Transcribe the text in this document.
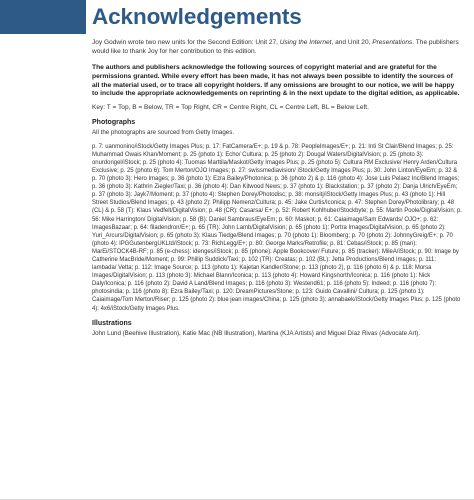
Acknowledgements

Joy Godwin wrote two new units for the Second Edition: Unit 27, Using the Internet, and Unit 20, Presentations. The publishers would like to thank Joy for her contribution to this edition.

The authors and publishers acknowledge the following sources of copyright material and are grateful for the permissions granted. While every effort has been made, it has not always been possible to identify the sources of all the material used, or to trace all copyright holders. If any omissions are brought to our notice, we will be happy to include the appropriate acknowledgements on reprinting & in the next update to the digital edition, as applicable.

Key: T = Top, B = Below, TR = Top Right, CR = Centre Right, CL = Centre Left, BL = Below Left.

Photographs

All the photographs are sourced from Getty Images.

p. 7: uanmonino/iStock/Getty Images Plus; p. 17: FatCamera/E+; p. 19 & p. 78: PeopleImages/E+; p. 21: Inti St Clair/Blend Images; p. 25: Muhammad Owais Khan/Moment; p. 25 (photo 1): Echo/ Cultura; p. 25 (photo 2): Dougal Waters/DigitalVision; p. 25 (photo 3): onurdongel/iStock; p. 25 (photo 4): Tuomas Marttila/Maskot/Getty Images Plus; p. 25 (photo 5): Cultura RM Exclusive/ Henry Arden/Cultura Exclusive; p. 25 (photo 6): Tom Merton/OJO Images; p. 27: swissmediavision/ iStock/Getty Images Plus; p. 30: John Linton/EyeEm; p. 32 & p. 70 (photo 3): Hero Images; p. 36 (photo 1): Ezra Bailey/Photonica; p. 36 (photo 2) & p. 116 (photo 4): Jose Luis Pelaez Inc/Blend Images; p. 36 (photo 3): Kathrin Ziegler/Taxi; p. 36 (photo 4): Dan Kitwood News; p. 37 (photo 1): Blackstation; p. 37 (photo 2): Danja Ulrich/EyeEm; p. 37 (photo 3): Jayk7/Moment; p. 37 (photo 4): Stephen Dorey/Photodisc; p. 38: monsitj/iStock/Getty Images Plus; p. 43 (photo 1): Hill Street Studios/Blend Images; p. 43 (photo 2): Philipp Nemenz/Cultura; p. 45: Jake Curtis/Iconica; p. 47: Stephen Dorey/Photolibrary; p. 48 (CL) & p. 58 (T): Klaus Vedfelt/DigitalVision; p. 48 (CR): Casarsa/ E+; p. 52: Robert Kohlhuber/Stockbyte; p. 55: Martin Poole/DigitalVision; p. 56: Mike Harrington/ DigitalVision; p. 58 (B): Daniel Sambraus/EyeEm; p. 60: Maskot; p. 61: Caiaimage/Sam Edwards/ OJO+; p. 62: ImagesBazaar; p. 64: filadendron/E+; p. 65 (TR): John Lamb/DigitalVision; p. 65 (photo 1): Portra Images/DigitalVision; p. 65 (photo 2): Yuri_Arcurs/DigitalVision; p. 65 (photo 3): Klaus Tiedge/Blend Images; p. 70 (photo 1): Bloomberg; p. 70 (photo 2): JohnnyGreig/E+; p. 70 (photo 4): IPGGutenbergUKLtd/iStock; p. 73: RichLegg/E+; p. 80: George Marks/Retrofile; p. 81: Cebas/iStock; p. 85 (man): MarEi/STOCK4B-RF; p. 85 (e-chess): idenges/iStock; p. 85 (phone): Apple Bookcover/ Future; p. 85 (tracker): MileA/iStock; p. 90: Image by Catherine MacBride/Moment; p. 99: Phillip Suddick/Taxi; p. 102 (TR): Creatas; p. 102 (BL): Jetta Productions/Blend Images; p. 111: lambada/ Vetta; p. 112: Image Source; p. 113 (photo 1): Kajetan Kandler/Stone; p. 113 (photo 2), p. 116 (photo 6) & p. 118: Morsa Images/DigitalVision; p. 113 (photo 3): Michael Blann/Iconica; p. 113 (photo 4): Howard Kingsnorth/Iconica; p. 116 (photo 1): Nick Daly/Iconica; p. 116 (photo 2): David A Land/Blend Images; p. 116 (photo 3): Westend61; p. 116 (photo 5): Indeed; p. 116 (photo 7): photosindia; p. 116 (photo 8): Ezra Bailey/Taxi; p. 120: DreamPictures/Stone; p. 123: Guido Cavallini/ Cultura; p. 125 (photo 1): Caiaimage/Tom Merton/Riser; p. 125 (photo 2): blue jean images/China; p. 125 (photo 3): annabaek/iStock/Getty Images Plus; p. 125 (photo 4): 4x6/iStock/Getty Images Plus.

Illustrations

John Lund (Beehive Illustration), Katie Mac (NB Illustration), Martina (KJA Artists) and Miguel Díaz Rivas (Advocate Art).
